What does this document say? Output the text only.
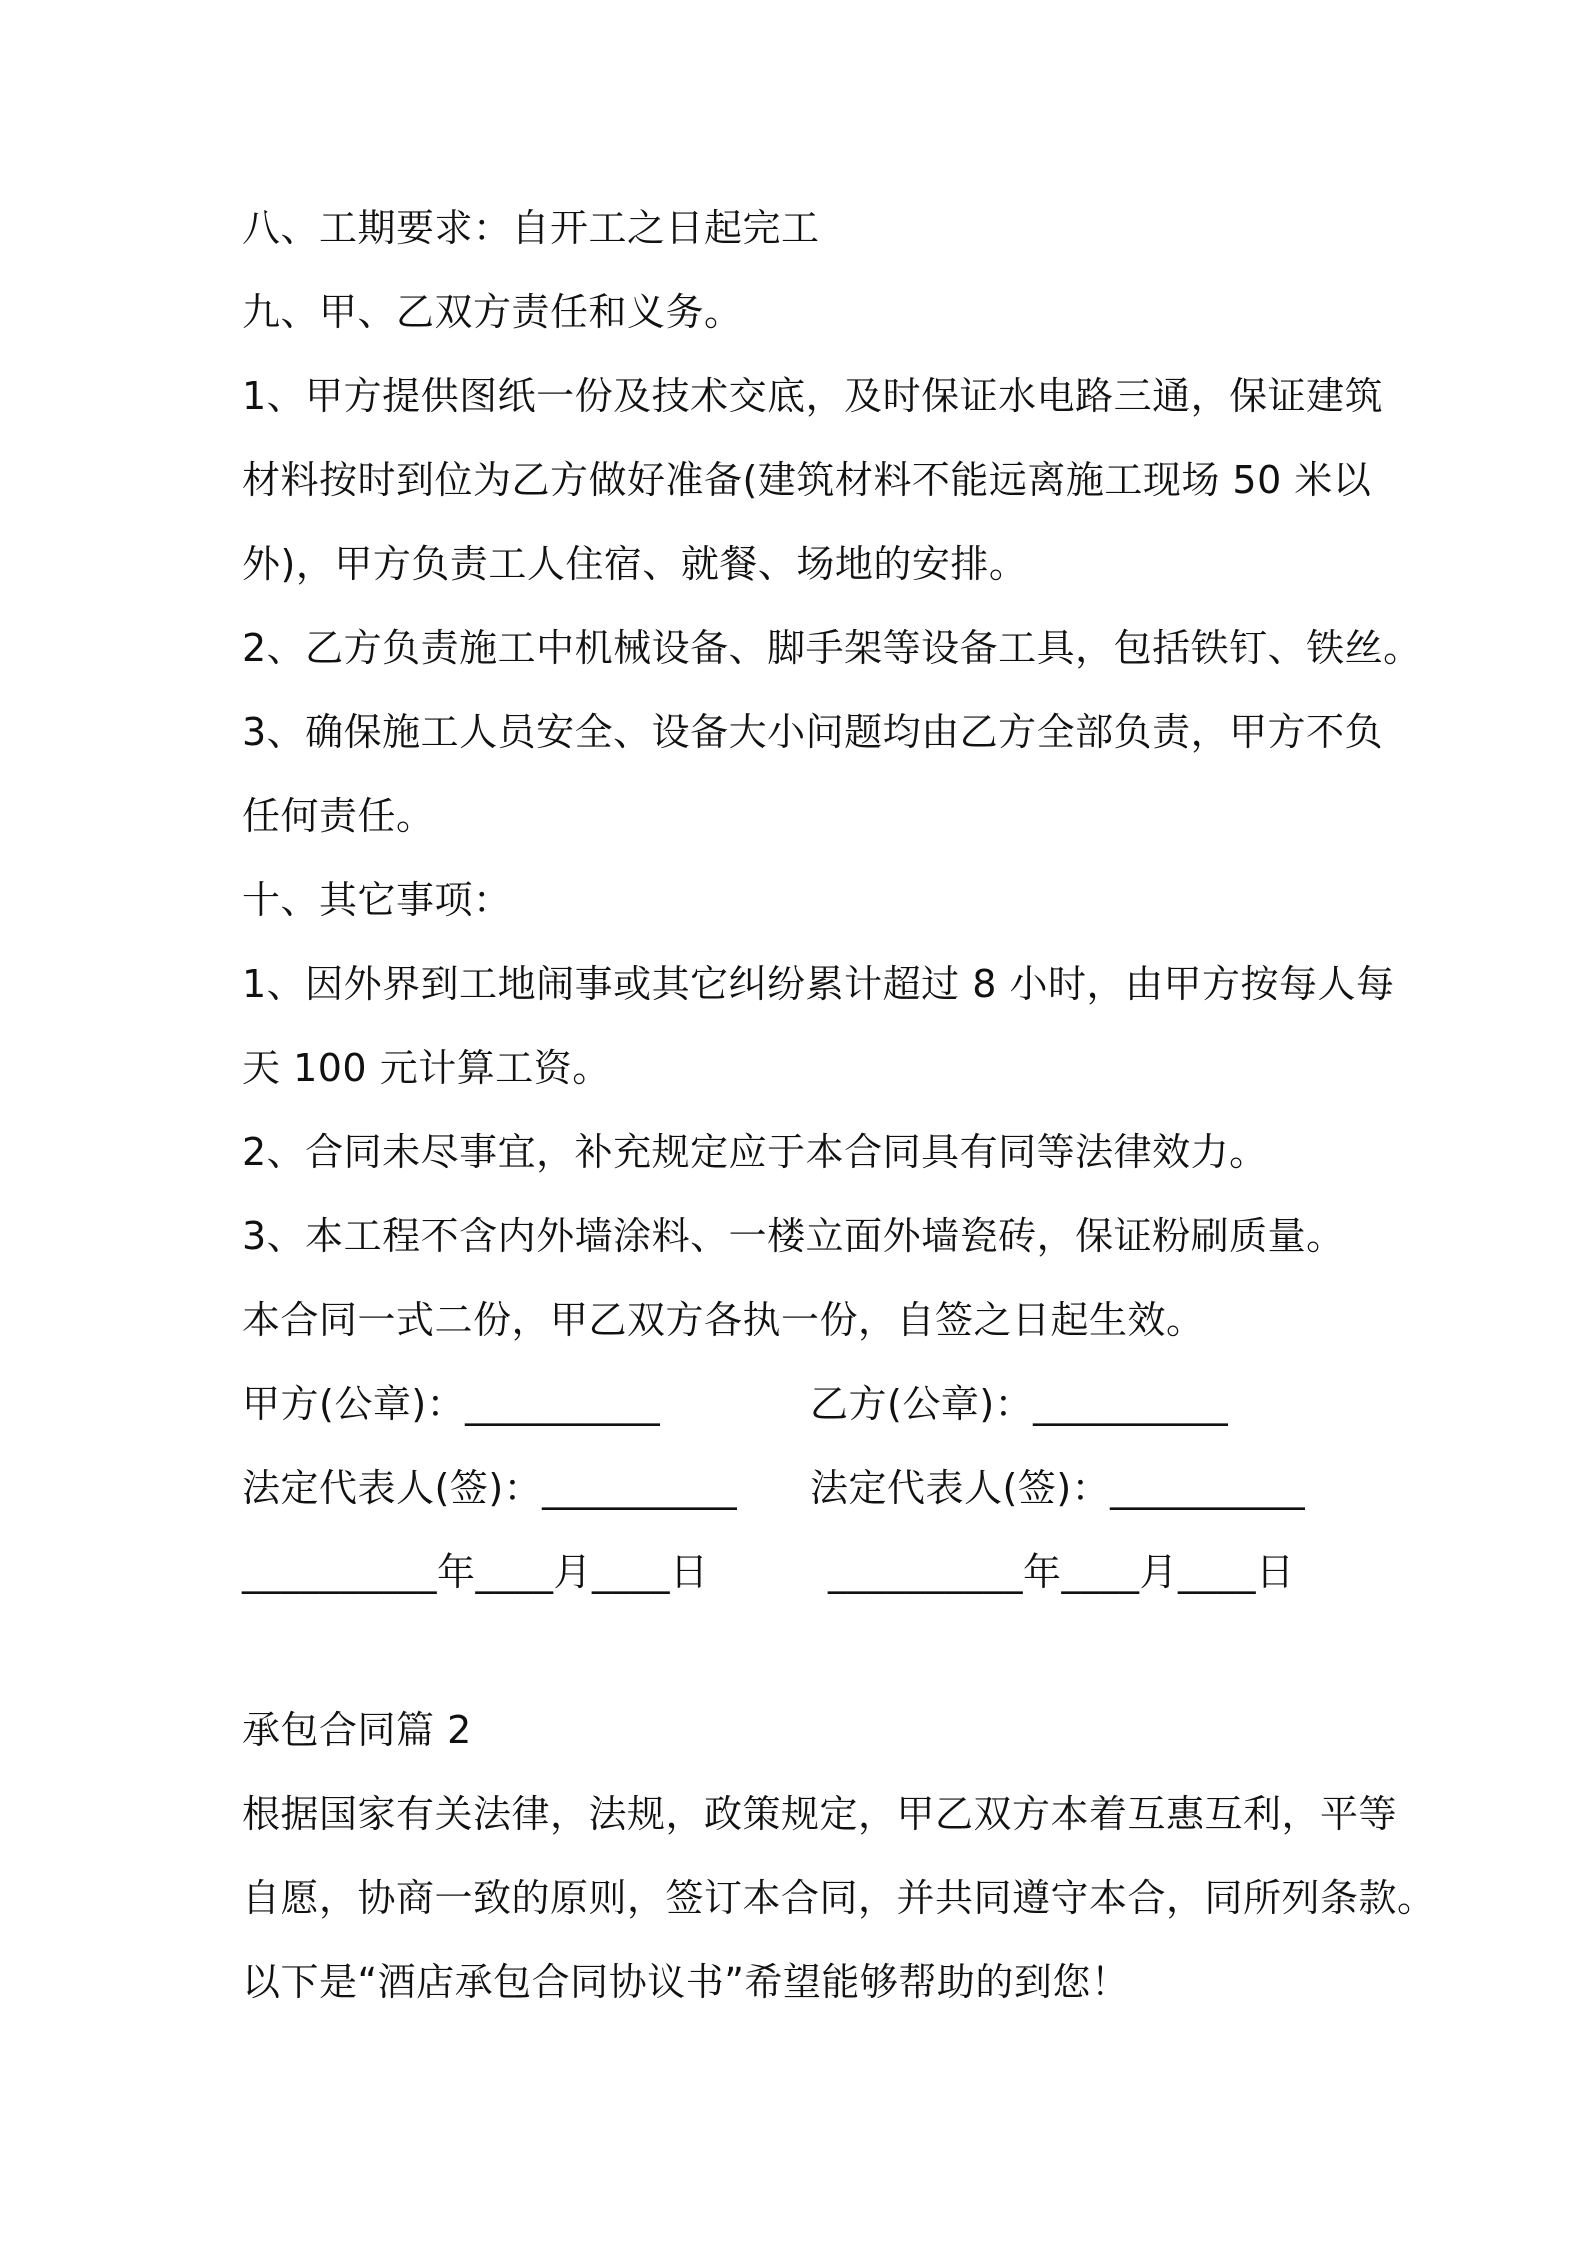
八、工期要求：自开工之日起完工

九、甲、乙双方责任和义务。

1、甲方提供图纸一份及技术交底，及时保证水电路三通，保证建筑

材料按时到位为乙方做好准备(建筑材料不能远离施工现场 50 米以

外)，甲方负责工人住宿、就餐、场地的安排。

2、乙方负责施工中机械设备、脚手架等设备工具，包括铁钉、铁丝。

3、确保施工人员安全、设备大小问题均由乙方全部负责，甲方不负

任何责任。

十、其它事项：

1、因外界到工地闹事或其它纠纷累计超过 8 小时，由甲方按每人每

天 100 元计算工资。

2、合同未尽事宜，补充规定应于本合同具有同等法律效力。

3、本工程不含内外墙涂料、一楼立面外墙瓷砖，保证粉刷质量。

本合同一式二份，甲乙双方各执一份，自签之日起生效。

甲方(公章)：__________	乙方(公章)：__________

法定代表人(签)：__________ 法定代表人(签)：__________

__________年____月____日	__________年____月____日

承包合同篇 2

根据国家有关法律，法规，政策规定，甲乙双方本着互惠互利，平等

自愿，协商一致的原则，签订本合同，并共同遵守本合，同所列条款。

以下是“酒店承包合同协议书”希望能够帮助的到您！
